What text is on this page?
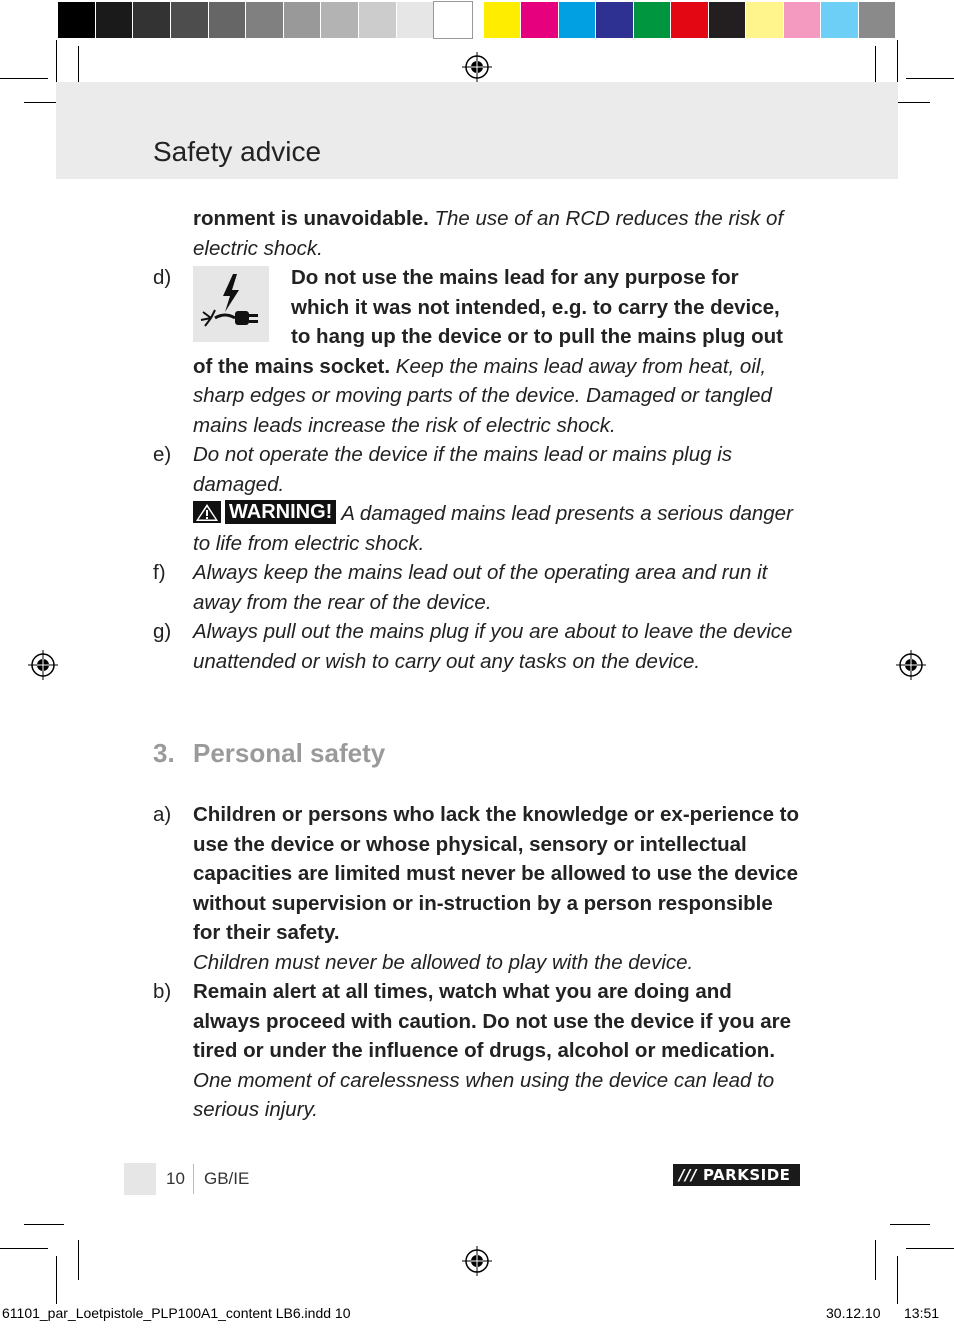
Safety advice
ronment is unavoidable. The use of an RCD reduces the risk of electric shock.
d)	Do not use the mains lead for any purpose for which it was not intended, e.g. to carry the device, to hang up the device or to pull the mains plug out of the mains socket. Keep the mains lead away from heat, oil, sharp edges or moving parts of the device. Damaged or tangled mains leads increase the risk of electric shock.
e) Do not operate the device if the mains lead or mains plug is damaged.

WARNING! A damaged mains lead presents a serious danger to life from electric shock.
f) Always keep the mains lead out of the operating area and run it away from the rear of the device.
g) Always pull out the mains plug if you are about to leave the device unattended or wish to carry out any tasks on the device.
3. Personal safety
a) Children or persons who lack the knowledge or ex-perience to use the device or whose physical, sensory or intellectual capacities are limited must never be allowed to use the device without supervision or in-struction by a person responsible for their safety.
Children must never be allowed to play with the device.
b) Remain alert at all times, watch what you are doing and always proceed with caution. Do not use the device if you are tired or under the influence of drugs, alcohol or medication. One moment of carelessness when using the device can lead to serious injury.
10 GB/IE	/// PARKSIDE
61101_par_Loetpistole_PLP100A1_content LB6.indd 10	30.12.10 13:51
